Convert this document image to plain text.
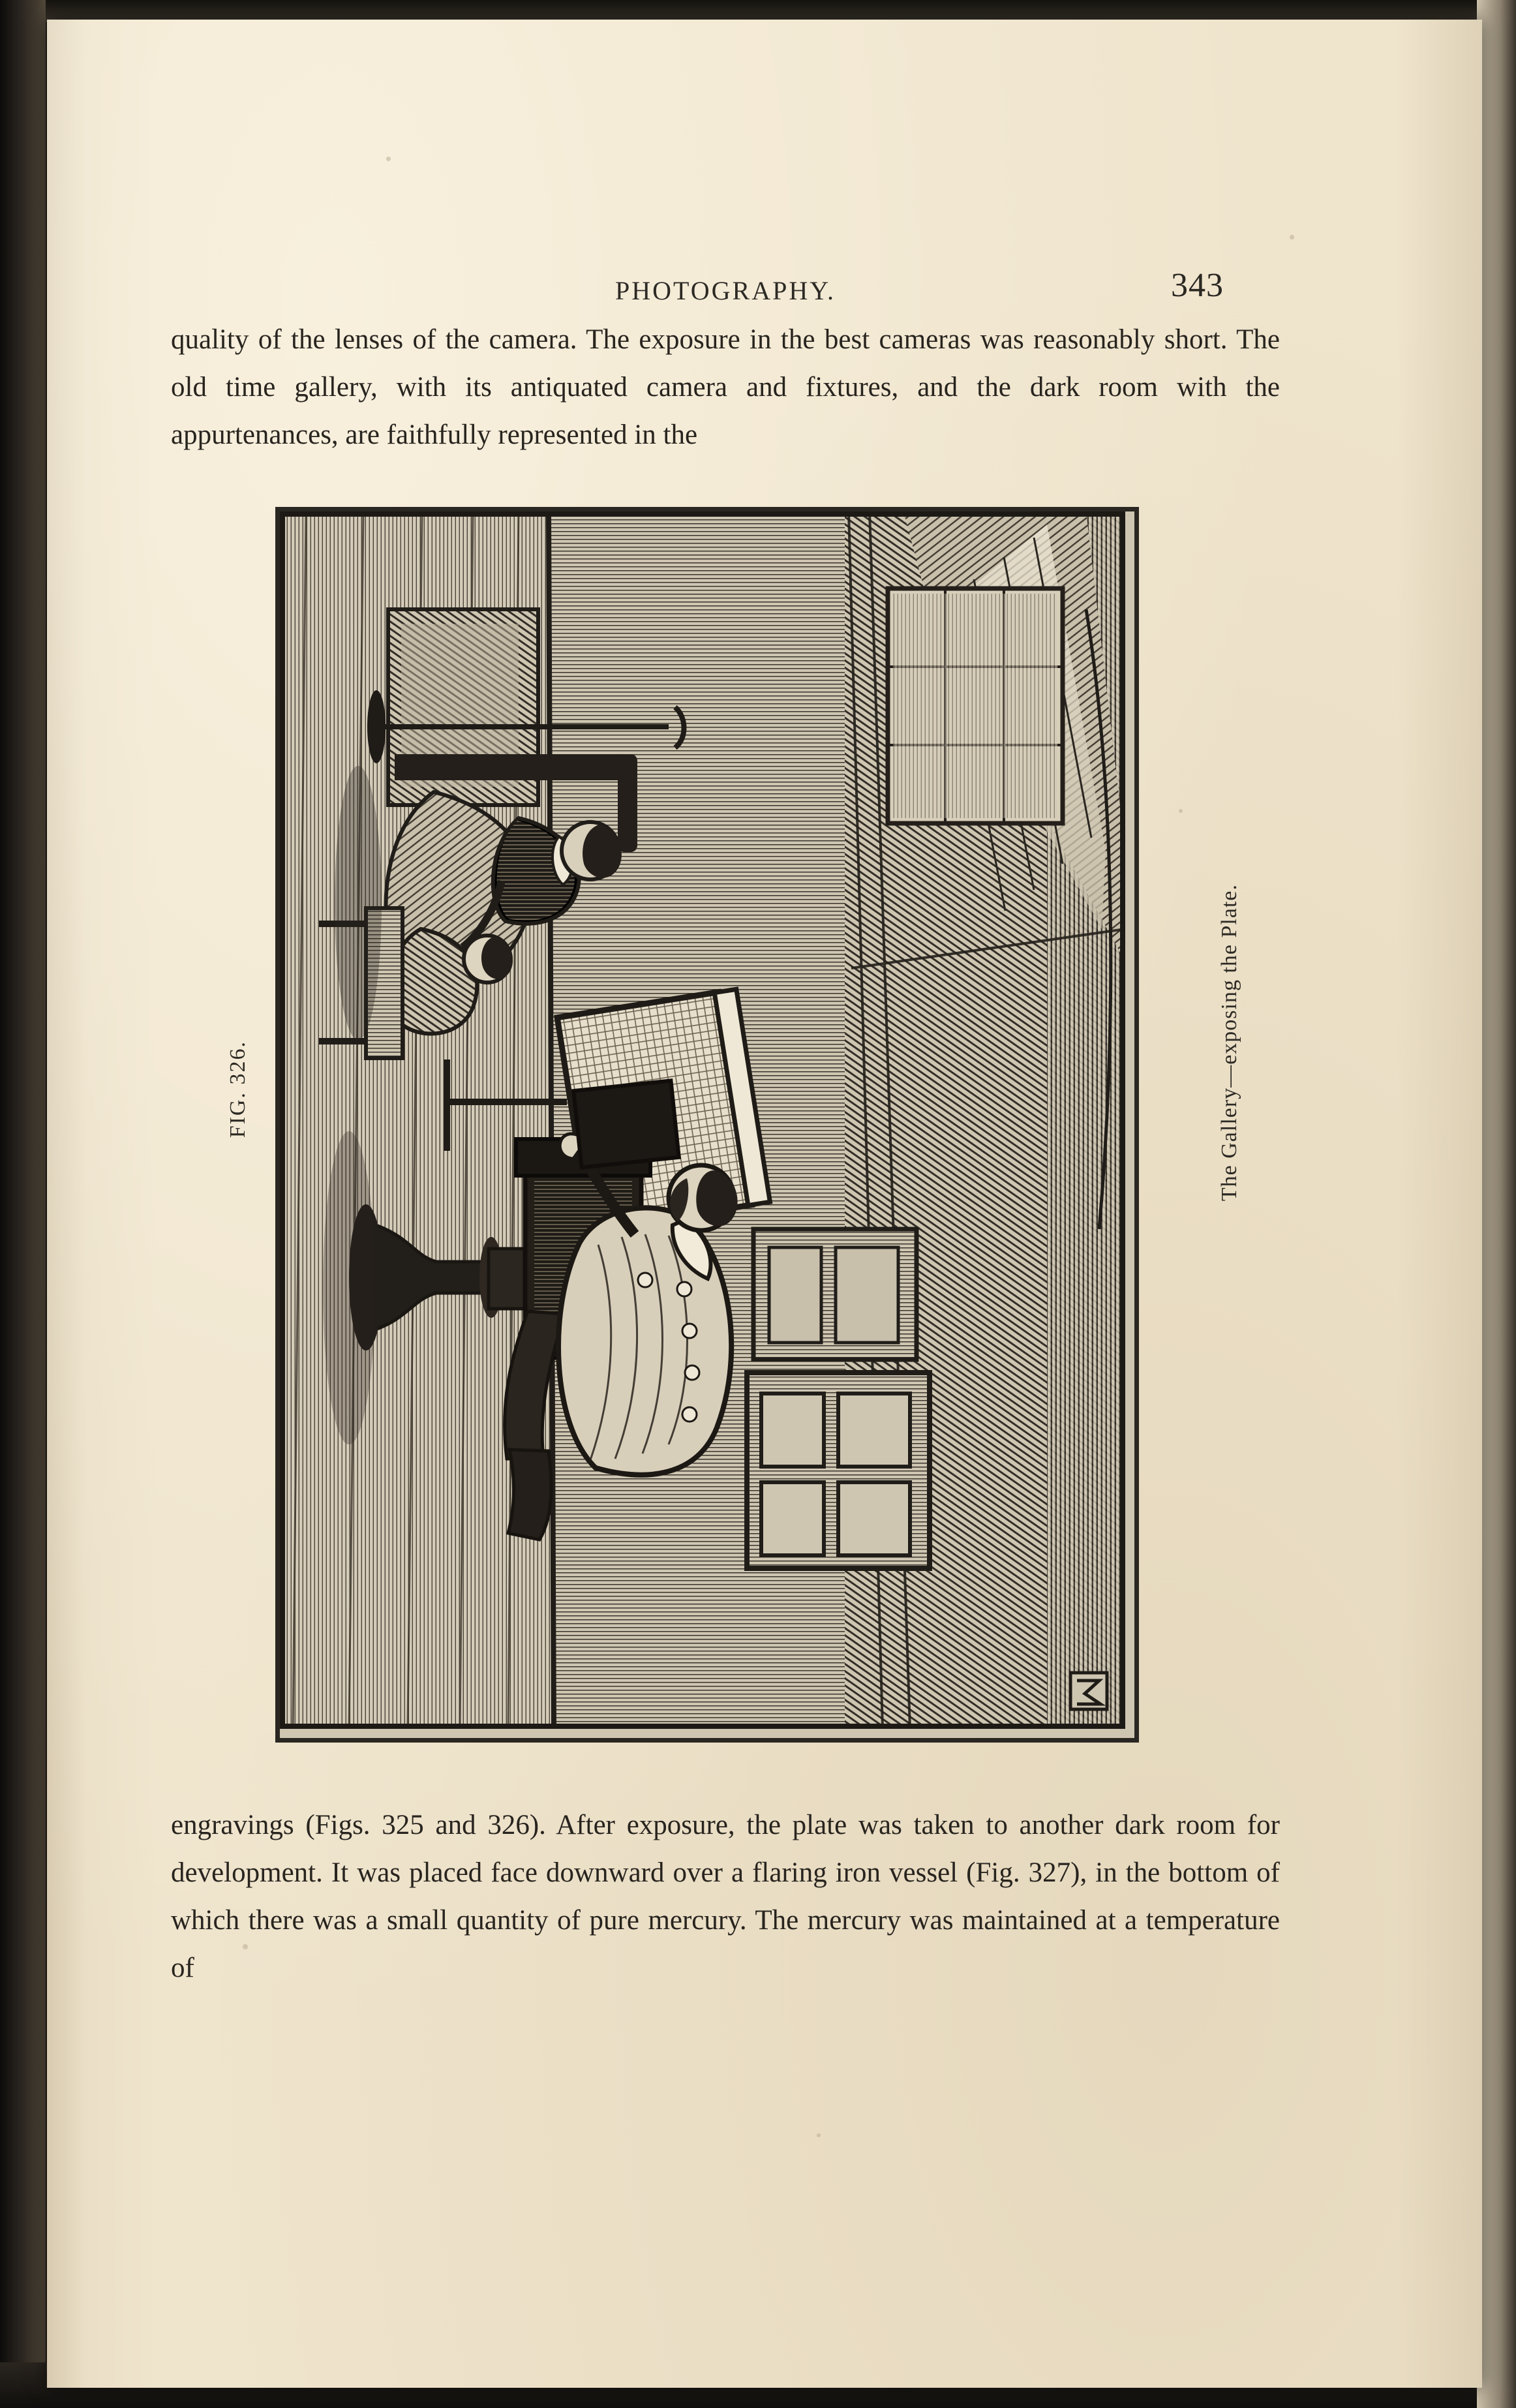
PHOTOGRAPHY.	343

quality of the lenses of the camera. The exposure in the best cameras was reasonably short. The old time gallery, with its antiquated camera and fixtures, and the dark room with the appurtenances, are faithfully represented in the

FIG. 326.	The Gallery—exposing the Plate.

engravings (Figs. 325 and 326). After exposure, the plate was taken to another dark room for development. It was placed face downward over a flaring iron vessel (Fig. 327), in the bottom of which there was a small quantity of pure mercury. The mercury was maintained at a temperature of
